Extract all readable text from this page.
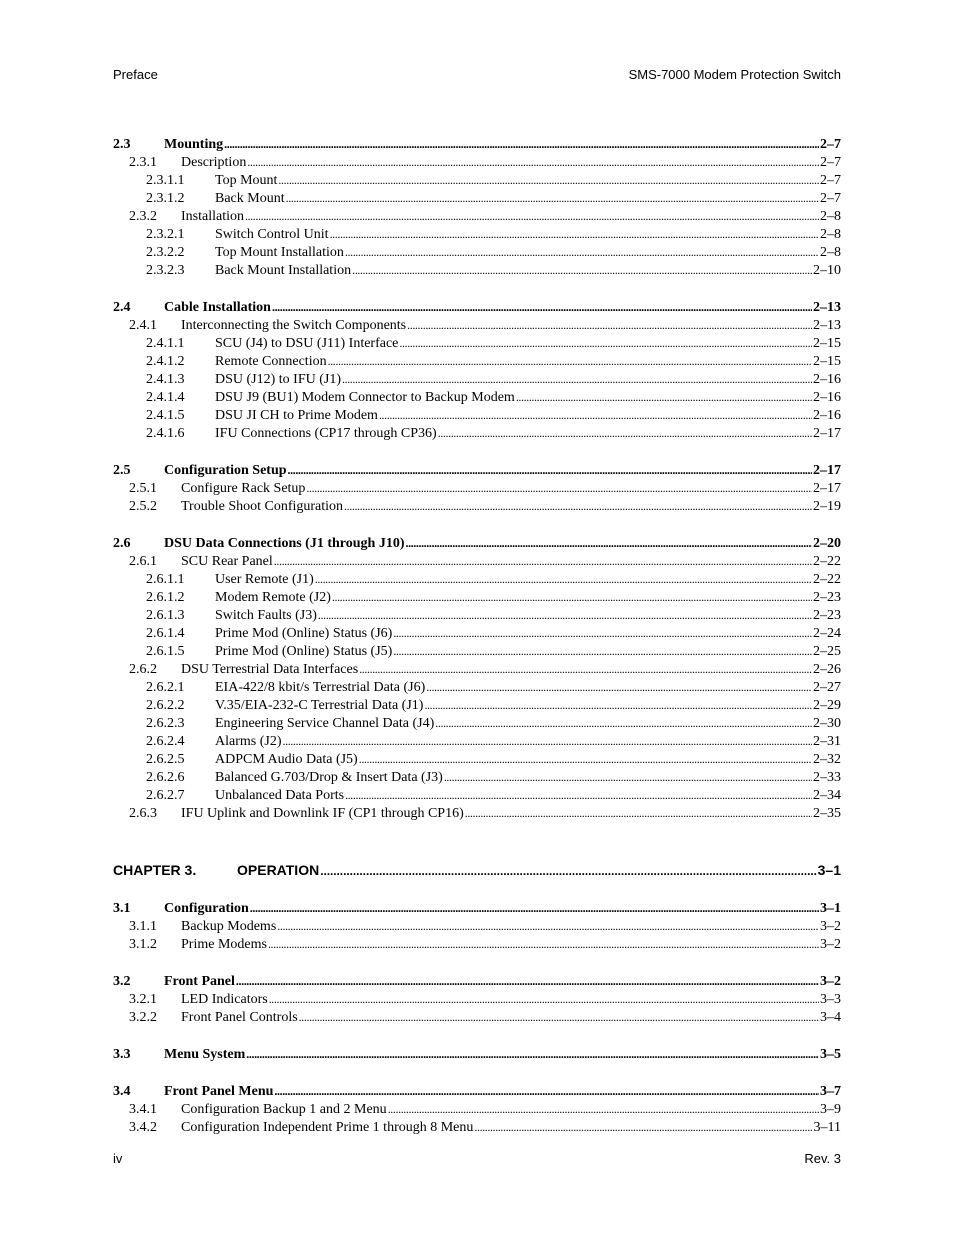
Preface	SMS-7000 Modem Protection Switch
2.3	Mounting . . .	2–7
2.3.1	Description . . .	2–7
2.3.1.1	Top Mount . . .	2–7
2.3.1.2	Back Mount . . .	2–7
2.3.2	Installation . . .	2–8
2.3.2.1	Switch Control Unit . . .	2–8
2.3.2.2	Top Mount Installation . . .	2–8
2.3.2.3	Back Mount Installation . . .	2–10
2.4	Cable Installation . . .	2–13
2.4.1	Interconnecting the Switch Components . . .	2–13
2.4.1.1	SCU (J4) to DSU (J11) Interface . . .	2–15
2.4.1.2	Remote Connection . . .	2–15
2.4.1.3	DSU (J12) to IFU (J1) . . .	2–16
2.4.1.4	DSU J9 (BU1) Modem Connector to Backup Modem . . .	2–16
2.4.1.5	DSU JI CH to Prime Modem . . .	2–16
2.4.1.6	IFU Connections (CP17 through CP36) . . .	2–17
2.5	Configuration Setup . . .	2–17
2.5.1	Configure Rack Setup . . .	2–17
2.5.2	Trouble Shoot Configuration . . .	2–19
2.6	DSU Data Connections (J1 through J10) . . .	2–20
2.6.1	SCU Rear Panel . . .	2–22
2.6.1.1	User Remote (J1) . . .	2–22
2.6.1.2	Modem Remote (J2) . . .	2–23
2.6.1.3	Switch Faults (J3) . . .	2–23
2.6.1.4	Prime Mod (Online) Status (J6) . . .	2–24
2.6.1.5	Prime Mod (Online) Status (J5) . . .	2–25
2.6.2	DSU Terrestrial Data Interfaces . . .	2–26
2.6.2.1	EIA-422/8 kbit/s Terrestrial Data (J6) . . .	2–27
2.6.2.2	V.35/EIA-232-C Terrestrial Data (J1) . . .	2–29
2.6.2.3	Engineering Service Channel Data (J4) . . .	2–30
2.6.2.4	Alarms (J2) . . .	2–31
2.6.2.5	ADPCM Audio Data (J5) . . .	2–32
2.6.2.6	Balanced G.703/Drop & Insert Data (J3) . . .	2–33
2.6.2.7	Unbalanced Data Ports . . .	2–34
2.6.3	IFU Uplink and Downlink IF (CP1 through CP16) . . .	2–35
CHAPTER 3.	OPERATION . . .	3–1
3.1	Configuration . . .	3–1
3.1.1	Backup Modems . . .	3–2
3.1.2	Prime Modems . . .	3–2
3.2	Front Panel . . .	3–2
3.2.1	LED Indicators . . .	3–3
3.2.2	Front Panel Controls . . .	3–4
3.3	Menu System . . .	3–5
3.4	Front Panel Menu . . .	3–7
3.4.1	Configuration Backup 1 and 2 Menu . . .	3–9
3.4.2	Configuration Independent Prime 1 through 8 Menu . . .	3–11
iv	Rev. 3
